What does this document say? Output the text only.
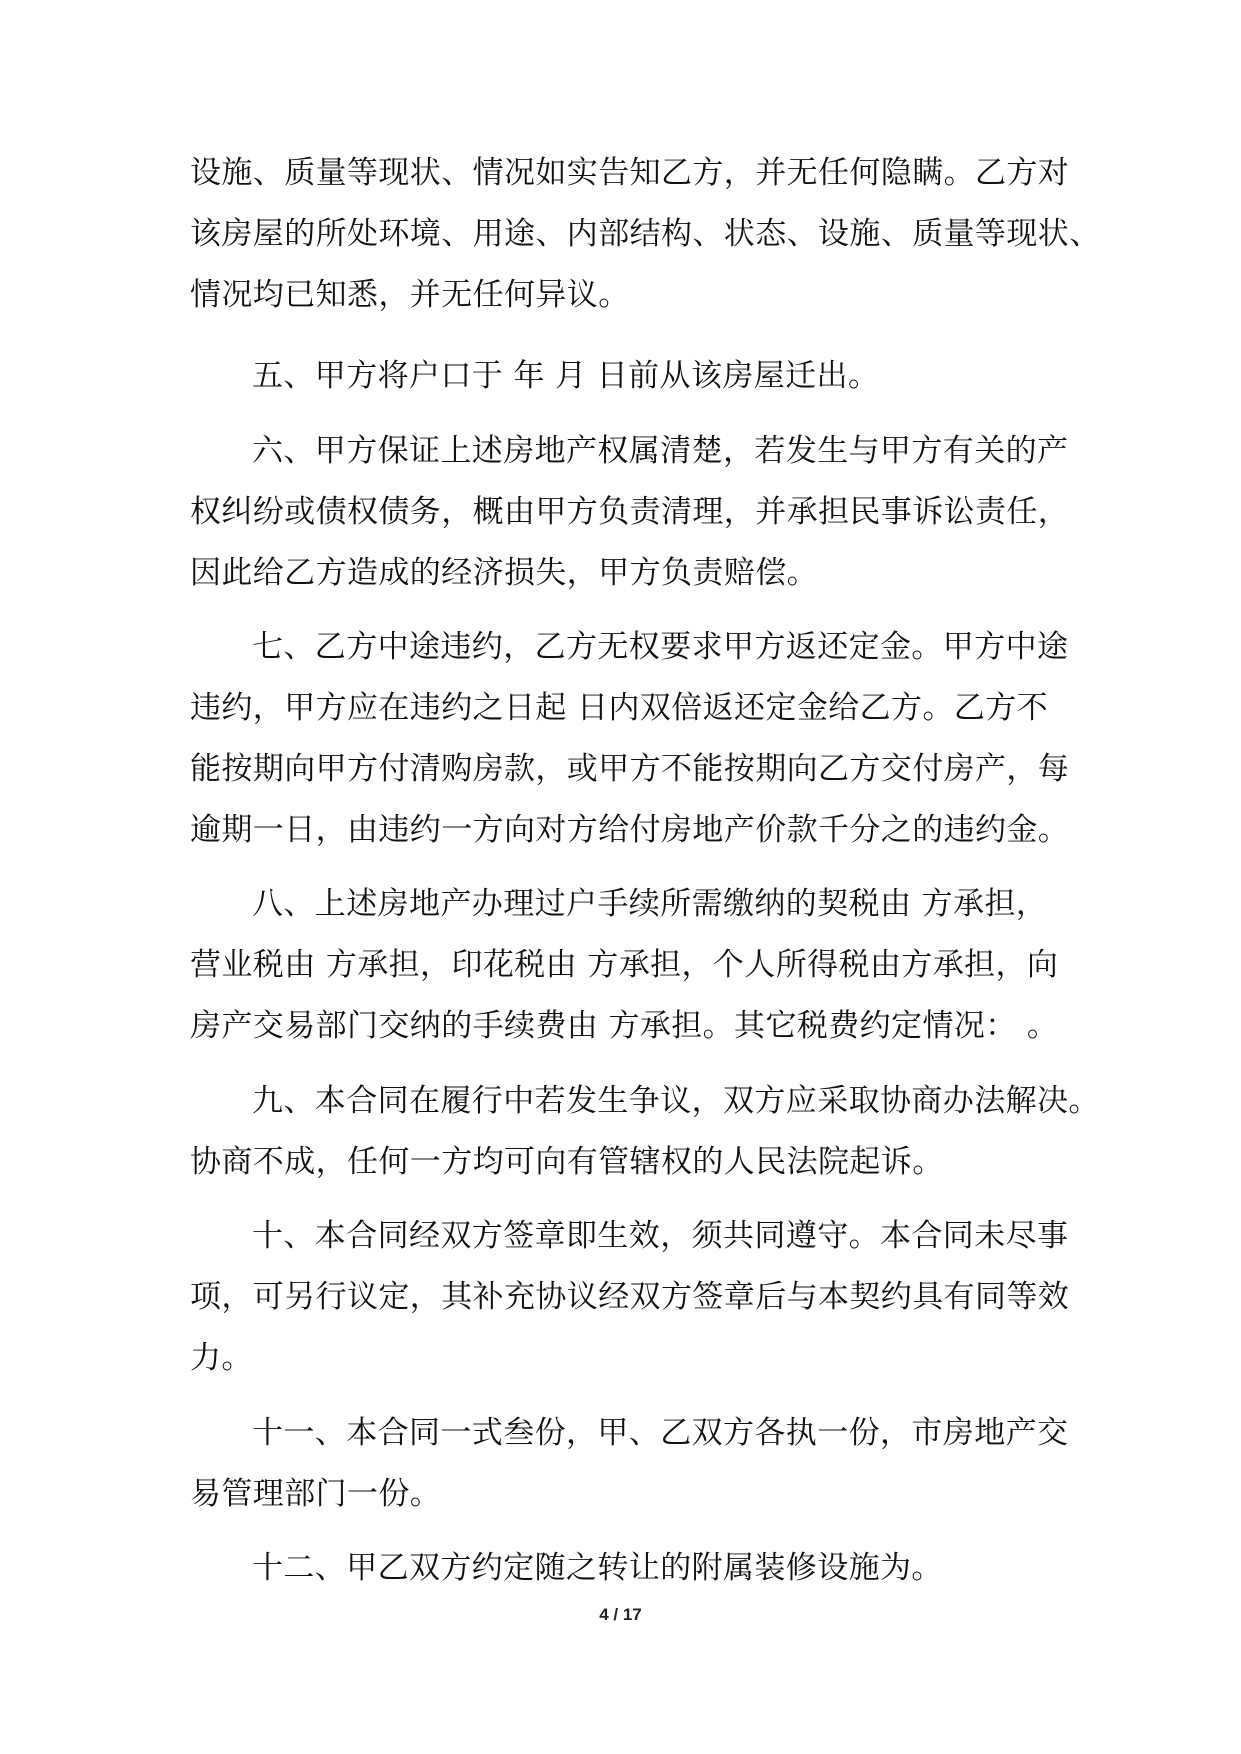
设施、质量等现状、情况如实告知乙方，并无任何隐瞒。乙方对
该房屋的所处环境、用途、内部结构、状态、设施、质量等现状、
情况均已知悉，并无任何异议。
五、甲方将户口于 年 月 日前从该房屋迁出。
六、甲方保证上述房地产权属清楚，若发生与甲方有关的产
权纠纷或债权债务，概由甲方负责清理，并承担民事诉讼责任，
因此给乙方造成的经济损失，甲方负责赔偿。
七、乙方中途违约，乙方无权要求甲方返还定金。甲方中途
违约，甲方应在违约之日起 日内双倍返还定金给乙方。乙方不
能按期向甲方付清购房款，或甲方不能按期向乙方交付房产，每
逾期一日，由违约一方向对方给付房地产价款千分之的违约金。
八、上述房地产办理过户手续所需缴纳的契税由 方承担，
营业税由 方承担，印花税由 方承担，个人所得税由方承担，向
房产交易部门交纳的手续费由 方承担。其它税费约定情况： 。
九、本合同在履行中若发生争议，双方应采取协商办法解决。
协商不成，任何一方均可向有管辖权的人民法院起诉。
十、本合同经双方签章即生效，须共同遵守。本合同未尽事
项，可另行议定，其补充协议经双方签章后与本契约具有同等效
力。
十一、本合同一式叁份，甲、乙双方各执一份，市房地产交
易管理部门一份。
十二、甲乙双方约定随之转让的附属装修设施为。
4 / 17
